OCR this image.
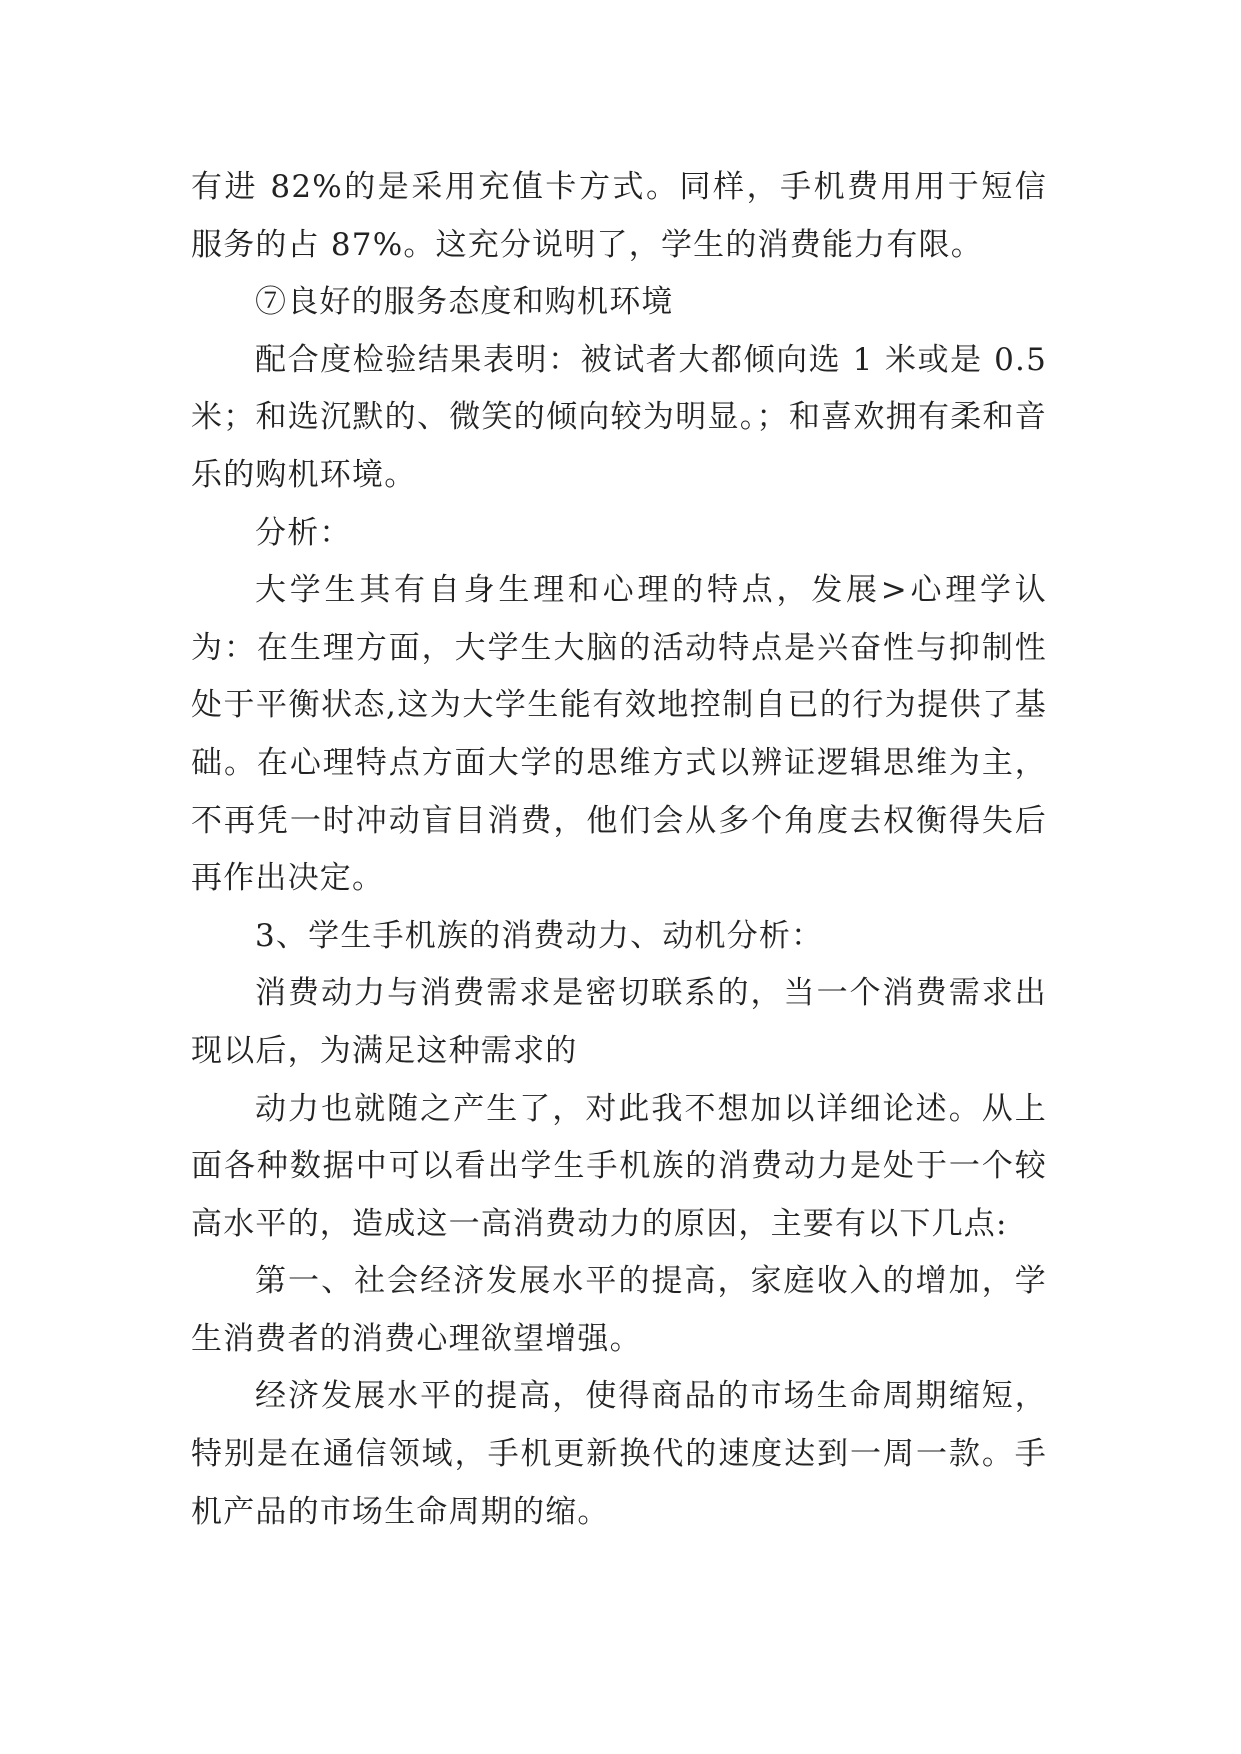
有进 82%的是采用充值卡方式。同样，手机费用用于短信服务的占 87%。这充分说明了，学生的消费能力有限。

⑦良好的服务态度和购机环境

配合度检验结果表明：被试者大都倾向选 1 米或是 0.5 米；和选沉默的、微笑的倾向较为明显。；和喜欢拥有柔和音乐的购机环境。

分析：

大学生其有自身生理和心理的特点，发展>心理学认为：在生理方面，大学生大脑的活动特点是兴奋性与抑制性处于平衡状态,这为大学生能有效地控制自已的行为提供了基础。在心理特点方面大学的思维方式以辨证逻辑思维为主，不再凭一时冲动盲目消费，他们会从多个角度去权衡得失后再作出决定。

3、学生手机族的消费动力、动机分析：

消费动力与消费需求是密切联系的，当一个消费需求出现以后，为满足这种需求的

动力也就随之产生了，对此我不想加以详细论述。从上面各种数据中可以看出学生手机族的消费动力是处于一个较高水平的，造成这一高消费动力的原因，主要有以下几点:

第一、社会经济发展水平的提高，家庭收入的增加，学生消费者的消费心理欲望增强。

经济发展水平的提高，使得商品的市场生命周期缩短，特别是在通信领域，手机更新换代的速度达到一周一款。手机产品的市场生命周期的缩。
